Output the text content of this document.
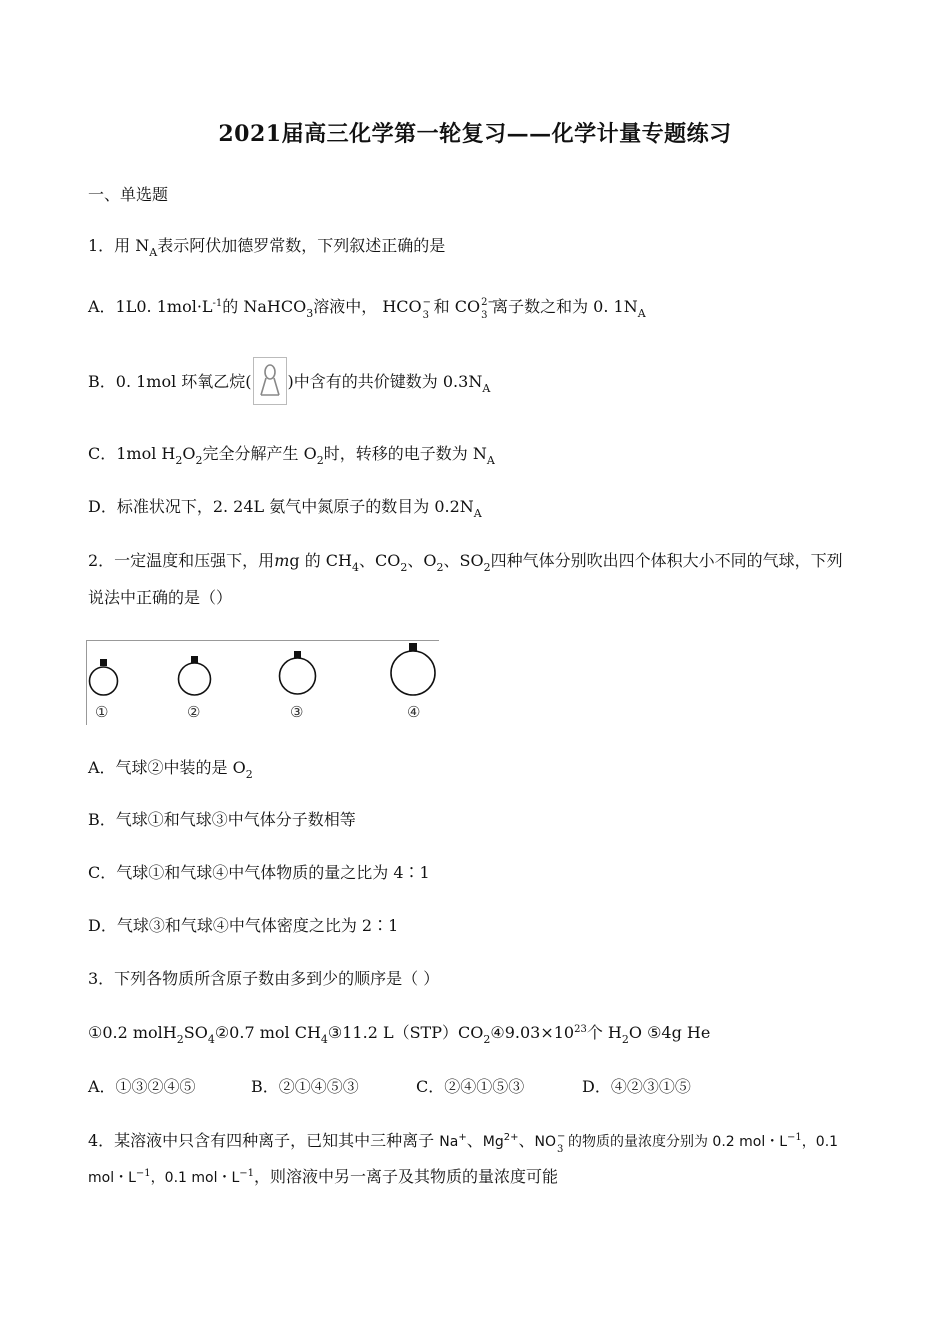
2021届高三化学第一轮复习——化学计量专题练习
一、单选题
1．用 $N_A$表示阿伏加德罗常数，下列叙述正确的是
A．1L0. $1mol\cdot L^{-1}$的 NaHCO$_3$溶液中， HCO −
3 和 CO 2−
3 离子数之和为 0. $1N_A$
B．0. 1mol 环氧乙烷( )中含有的共价键数为 $0.3N_A$
C．1mol $H_2O_2$完全分解产生 $O_2$时，转移的电子数为 $N_A$
D．标准状况下，2. 24L 氨气中氮原子的数目为 $0.2N_A$
2．一定温度和压强下，用mg 的 $CH_4$、$CO_2$、$O_2$、$SO_2$四种气体分别吹出四个体积大小不同的气球，下列
说法中正确的是（）
①	②	③	④
A．气球②中装的是 $O_2$
B．气球①和气球③中气体分子数相等
C．气球①和气球④中气体物质的量之比为 4∶1
D．气球③和气球④中气体密度之比为 2∶1
3．下列各物质所含原子数由多到少的顺序是（ ）
①0.2 $molH_2SO_4②0.7$ mol $CH_4③11.2$ $L(STP)CO_2④9.03\times 10^{23}$个 $H_2O$ ⑤4g He
A．①③②④⑤	B．②①④⑤③	C．②④①⑤③	D．④②③①⑤
4．某溶液中只含有四种离子，已知其中三种离子 Na+、$Mg^{2+}$、NO −
3 的物质的量浓度分别为 0.2 mol・$L^{-1}$，0.1
mol・$L^{-1}$，0.1 mol・$L^{-1}$，则溶液中另一离子及其物质的量浓度可能
